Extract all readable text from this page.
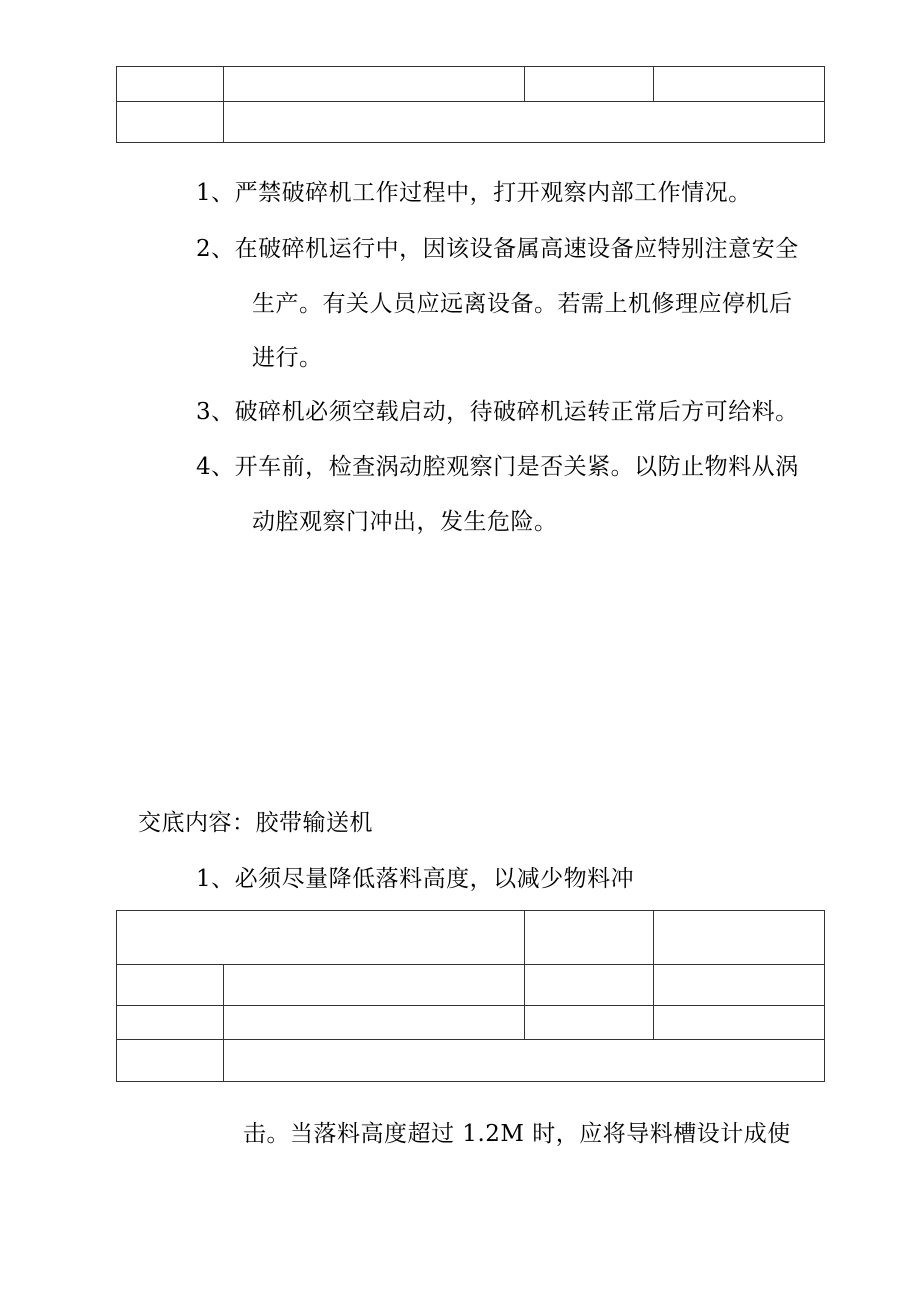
1、严禁破碎机工作过程中，打开观察内部工作情况。
2、在破碎机运行中，因该设备属高速设备应特别注意安全
生产。有关人员应远离设备。若需上机修理应停机后
进行。
3、破碎机必须空载启动，待破碎机运转正常后方可给料。
4、开车前，检查涡动腔观察门是否关紧。以防止物料从涡
动腔观察门冲出，发生危险。
交底内容：胶带输送机
1、必须尽量降低落料高度，以减少物料冲
击。当落料高度超过 1.2M 时，应将导料槽设计成使
